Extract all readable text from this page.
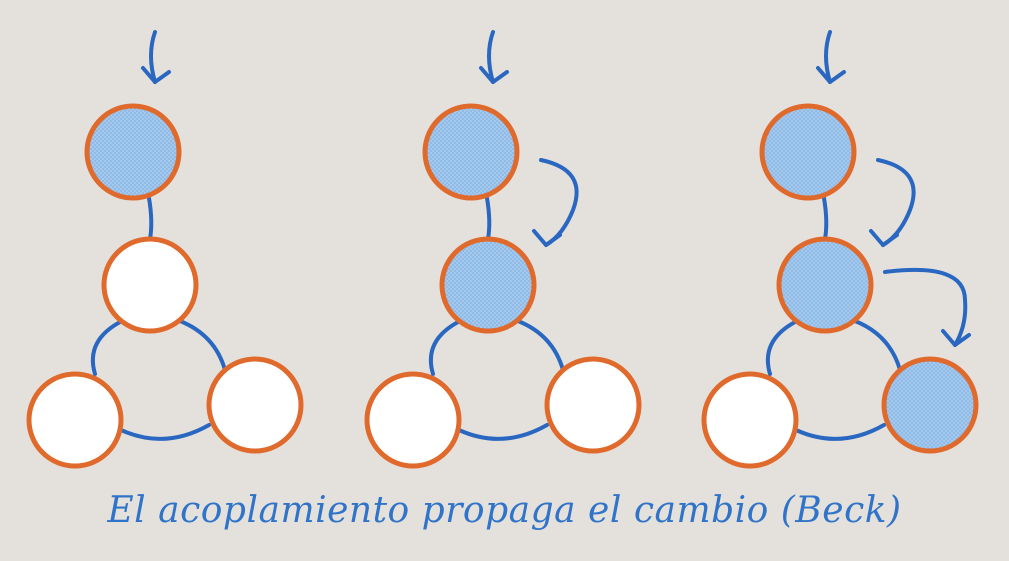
El acoplamiento propaga el cambio (Beck)
